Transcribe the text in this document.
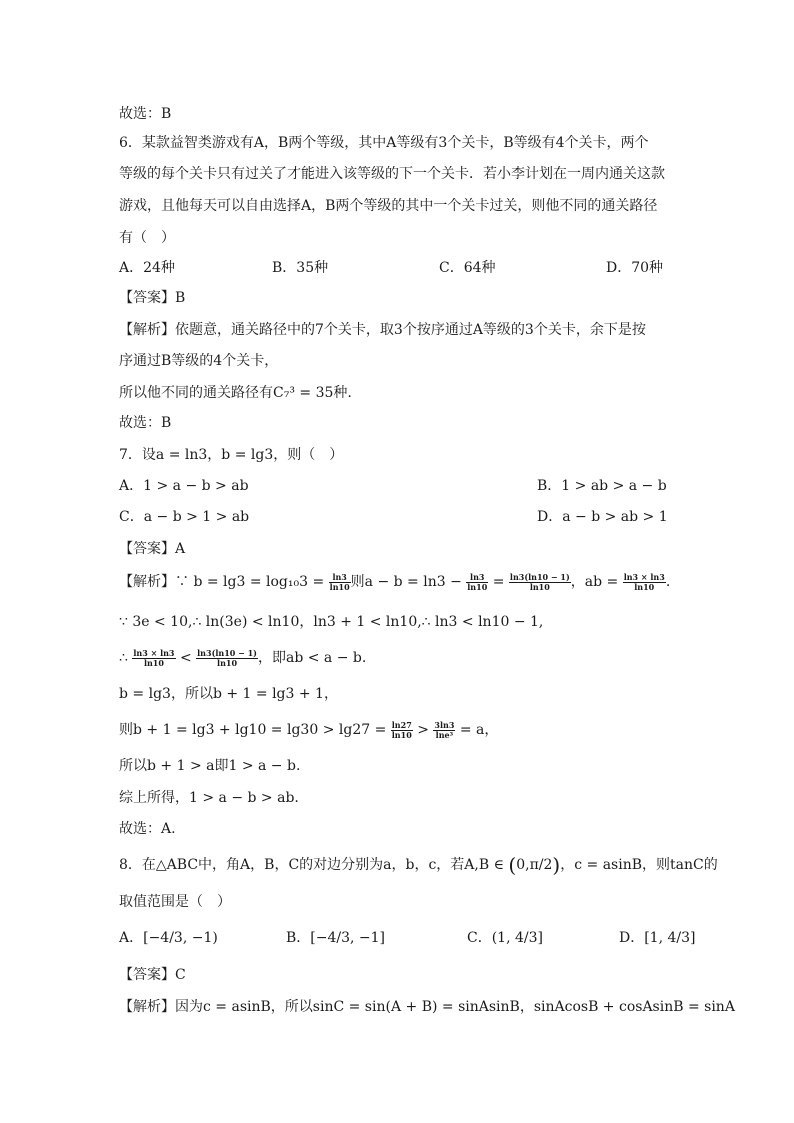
故选：B
6．某款益智类游戏有A，B两个等级，其中A等级有3个关卡，B等级有4个关卡，两个
等级的每个关卡只有过关了才能进入该等级的下一个关卡．若小李计划在一周内通关这款
游戏，且他每天可以自由选择A，B两个等级的其中一个关卡过关，则他不同的通关路径
有（　）
A．24种	B．35种	C．64种	D．70种
【答案】B
【解析】依题意，通关路径中的7个关卡，取3个按序通过A等级的3个关卡，余下是按
序通过B等级的4个关卡，
所以他不同的通关路径有C₇³ = 35种.
故选：B
7．设a = ln3，b = lg3，则（　）
A．1 > a − b > ab	B．1 > ab > a − b
C．a − b > 1 > ab	D．a − b > ab > 1
【答案】A
【解析】∵ $b = \lg 3 = \log_{10}3 = \frac{\ln 3}{\ln 10}$ 则$a - b = \ln 3 - \frac{\ln 3}{\ln 10} = \frac{\ln 3(\ln 10 - 1)}{\ln 10}$ ，ab = $\frac{\ln 3 \times \ln 3}{\ln 10}$ .
∵ 3e < 10,∴ ln(3e) < ln10，ln3 + 1 < ln10,∴ ln3 < ln10 − 1,
∴ $\frac{\ln 3 \times \ln 3}{\ln 10} < \frac{\ln 3(\ln 10 - 1)}{\ln 10}$ ，即ab < a − b.
b = lg3，所以b + 1 = lg3 + 1，
则$b + 1 = \lg 3 + \lg 10 = \lg 30 > \lg 27 = \frac{\ln 27}{\ln 10} > \frac{3\ln 3}{\text{lne³}} = a$，
所以b + 1 > a即1 > a − b.
综上所得，1 > a − b > ab.
故选：A.
8．在△ABC中，角A，B，C的对边分别为a，b，c，若A,B ∈ (0,π/2)，c = asinB，则tanC的
取值范围是（　）
A．[−4/3, −1)	B．[−4/3, −1]	C．(1, 4/3]	D．[1, 4/3]
【答案】C
【解析】因为c = asinB，所以sinC = sin(A + B) = sinAsinB，sinAcosB + cosAsinB = sinA
